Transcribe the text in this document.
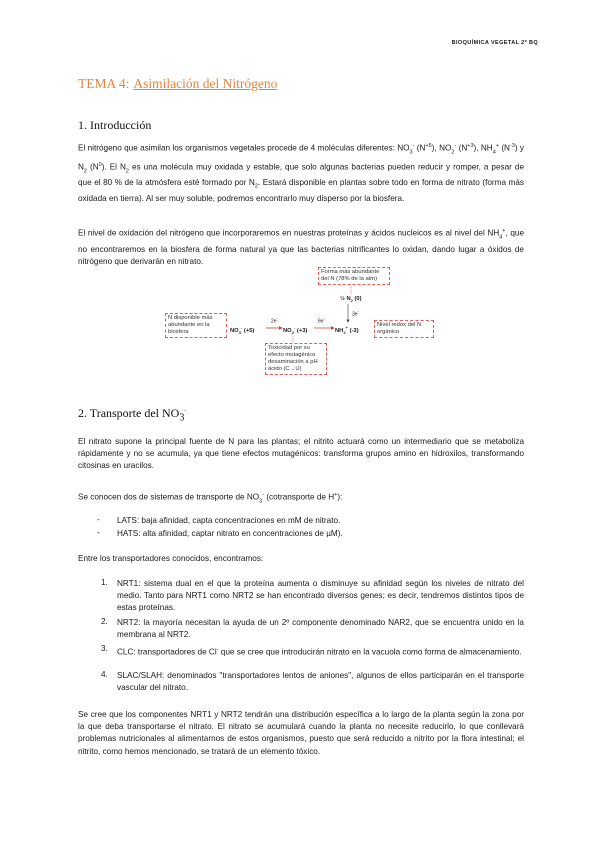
BIOQUÍMICA VEGETAL 2º BQ
TEMA 4: Asimilación del Nitrógeno
1. Introducción

El nitrógeno que asimilan los organismos vegetales procede de 4 moléculas diferentes: $NO_3^-$ $(N^{+5})$, $NO_2^-$ $(N^{+3})$, $NH_4^+$ $(N^{-3})$ y $N_2$ $(N^0)$. El $N_2$ es una molécula muy oxidada y estable, que solo algunas bacterias pueden reducir y romper, a pesar de que el 80 % de la atmósfera esté formado por $N_2$. Estará disponible en plantas sobre todo en forma de nitrato (forma más oxidada en tierra). Al ser muy soluble, podremos encontrarlo muy disperso por la biosfera.

El nivel de oxidación del nitrógeno que incorporaremos en nuestras proteínas y ácidos nucleicos es al nivel del $NH_4^+$, que no encontraremos en la biosfera de forma natural ya que las bacterias nitrificantes lo oxidan, dando lugar a óxidos de nitrógeno que derivarán en nitrato.

Forma más abundante del N (78% de la atm)
N disponible más abundante en la biosfera
Toxicidad por su efecto mutagénico desaminación a pH ácido (C→U)
Nivel redox del N orgánico
$NO_3^-$ (+5)	$NO_2^-$ (+3)	$NH_4^+$ (-3)
½ $N_2$ (0)
2e-
6e-
3e-
2. Transporte del $NO_3^-$

El nitrato supone la principal fuente de N para las plantas; el nitrito actuará como un intermediario que se metaboliza rápidamente y no se acumula, ya que tiene efectos mutagénicos: transforma grupos amino en hidroxilos, transformando citosinas en uracilos.

Se conocen dos de sistemas de transporte de $NO_3^-$ (cotransporte de H+):

- LATS: baja afinidad, capta concentraciones en mM de nitrato.
- HATS: alta afinidad, captar nitrato en concentraciones de µM).

Entre los transportadores conocidos, encontramos:

1. NRT1: sistema dual en el que la proteína aumenta o disminuye su afinidad según los niveles de nitrato del medio. Tanto para NRT1 como NRT2 se han encontrado diversos genes; es decir, tendremos distintos tipos de estas proteínas.
2. NRT2: la mayoría necesitan la ayuda de un 2º componente denominado NAR2, que se encuentra unido en la membrana al NRT2.
3. CLC: transportadores de Cl- que se cree que introducirán nitrato en la vacuola como forma de almacenamiento.
4. SLAC/SLAH: denominados "transportadores lentos de aniones", algunos de ellos participarán en el transporte vascular del nitrato.

Se cree que los componentes NRT1 y NRT2 tendrán una distribución específica a lo largo de la planta según la zona por la que deba transportarse el nitrato. El nitrato se acumulará cuando la planta no necesite reducirlo, lo que conllevará problemas nutricionales al alimentarnos de estos organismos, puesto que será reducido a nitrito por la flora intestinal; el nitrito, como hemos mencionado, se tratará de un elemento tóxico.
